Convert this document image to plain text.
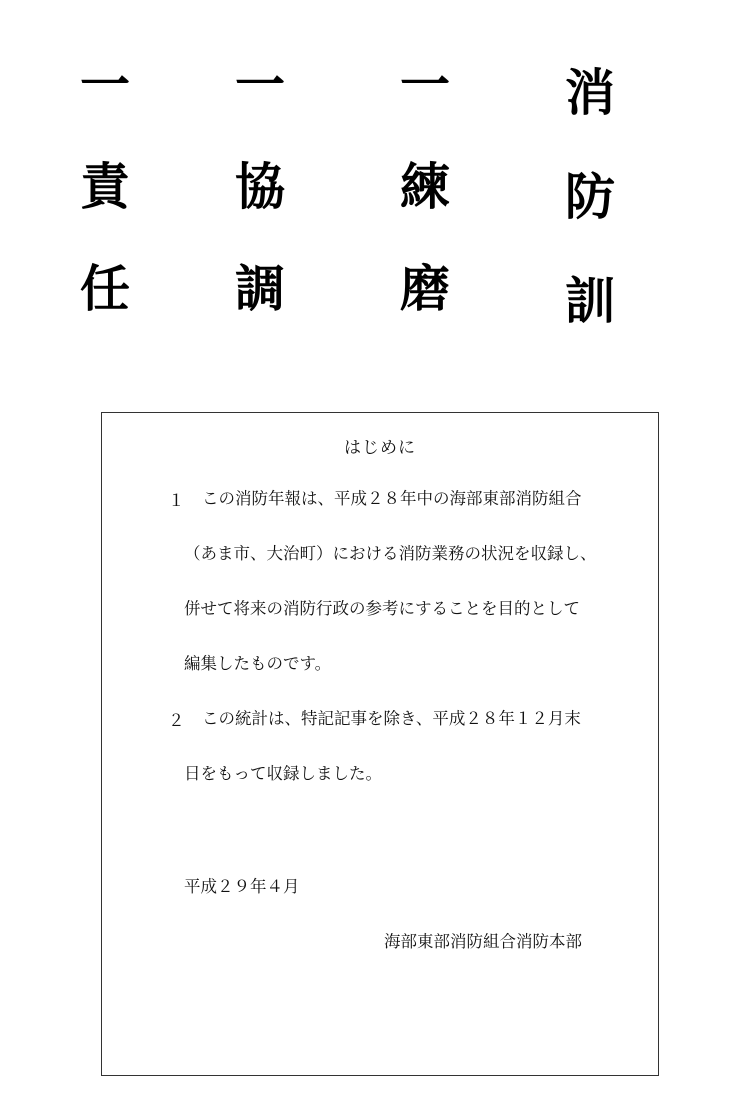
消
防
訓
一
練
磨
一
協
調
一
責
任
はじめに
１	この消防年報は、平成２８年中の海部東部消防組合
（あま市、大治町）における消防業務の状況を収録し、
併せて将来の消防行政の参考にすることを目的として
編集したものです。
２	この統計は、特記記事を除き、平成２８年１２月末
日をもって収録しました。
平成２９年４月
海部東部消防組合消防本部
